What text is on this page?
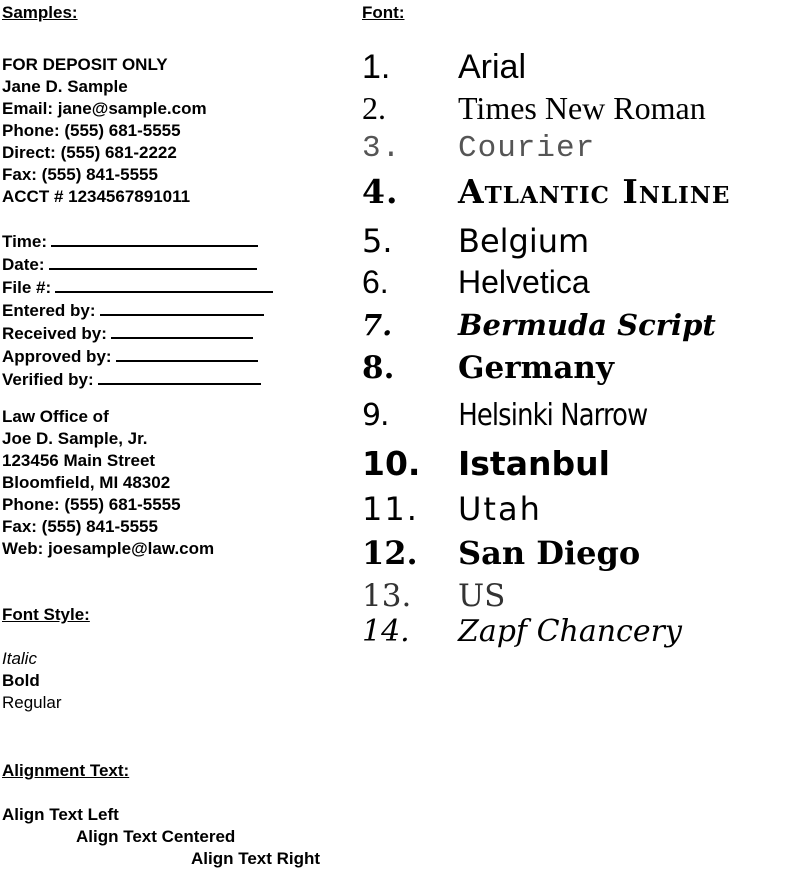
Samples:

FOR DEPOSIT ONLY

Jane D. Sample

Email: jane@sample.com

Phone: (555) 681-5555

Direct: (555) 681-2222

Fax: (555) 841-5555

ACCT # 1234567891011

Time:

Date:

File #:

Entered by:

Received by:

Approved by:

Verified by:

Law Office of

Joe D. Sample, Jr.

123456 Main Street

Bloomfield, MI 48302

Phone: (555) 681-5555

Fax: (555) 841-5555

Web: joesample@law.com

Font Style:

Italic

Bold

Regular

Alignment Text:

Align Text Left

Align Text Centered

Align Text Right

Font:

1. Arial
2. Times New Roman
3. Courier
4. Atlantic Inline
5. Belgium
6. Helvetica
7. Bermuda Script
8. Germany
9. Helsinki Narrow
10. Istanbul
11. Utah
12. San Diego
13. US
14. Zapf Chancery
